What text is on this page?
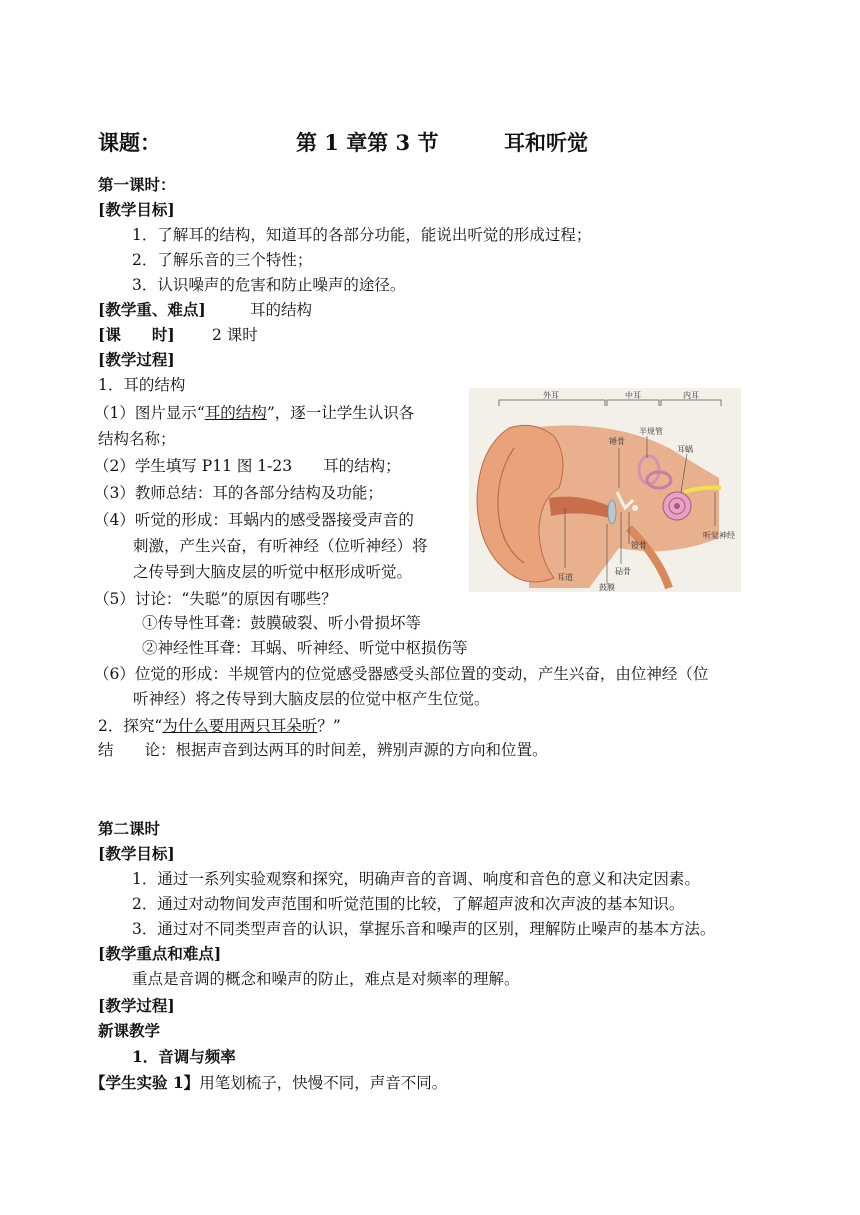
课题：	第 1 章第 3 节	耳和听觉
第一课时：
[教学目标]
1．了解耳的结构，知道耳的各部分功能，能说出听觉的形成过程；
2．了解乐音的三个特性；
3．认识噪声的危害和防止噪声的途径。
[教学重、难点]	耳的结构
[课　　时] 2 课时
[教学过程]
1．耳的结构
（1）图片显示“耳的结构”，逐一让学生认识各
结构名称；
（2）学生填写 P11 图 1-23　　耳的结构；
（3）教师总结：耳的各部分结构及功能；
（4）听觉的形成：耳蜗内的感受器接受声音的
刺激，产生兴奋，有听神经（位听神经）将
之传导到大脑皮层的听觉中枢形成听觉。
（5）讨论：“失聪”的原因有哪些？
①传导性耳聋：鼓膜破裂、听小骨损坏等
②神经性耳聋：耳蜗、听神经、听觉中枢损伤等
（6）位觉的形成：半规管内的位觉感受器感受头部位置的变动，产生兴奋，由位神经（位
听神经）将之传导到大脑皮层的位觉中枢产生位觉。
2．探究“为什么要用两只耳朵听？”
结　　论：根据声音到达两耳的时间差，辨别声源的方向和位置。
外耳	中耳	内耳
锤骨
半规管
耳蜗
听觉神经
镫骨
砧骨
耳道
鼓膜
第二课时
[教学目标]
1．通过一系列实验观察和探究，明确声音的音调、响度和音色的意义和决定因素。
2．通过对动物间发声范围和听觉范围的比较，了解超声波和次声波的基本知识。
3．通过对不同类型声音的认识，掌握乐音和噪声的区别，理解防止噪声的基本方法。
[教学重点和难点]
重点是音调的概念和噪声的防止，难点是对频率的理解。
[教学过程]
新课教学
1．音调与频率
【学生实验 1】用笔划梳子，快慢不同，声音不同。
